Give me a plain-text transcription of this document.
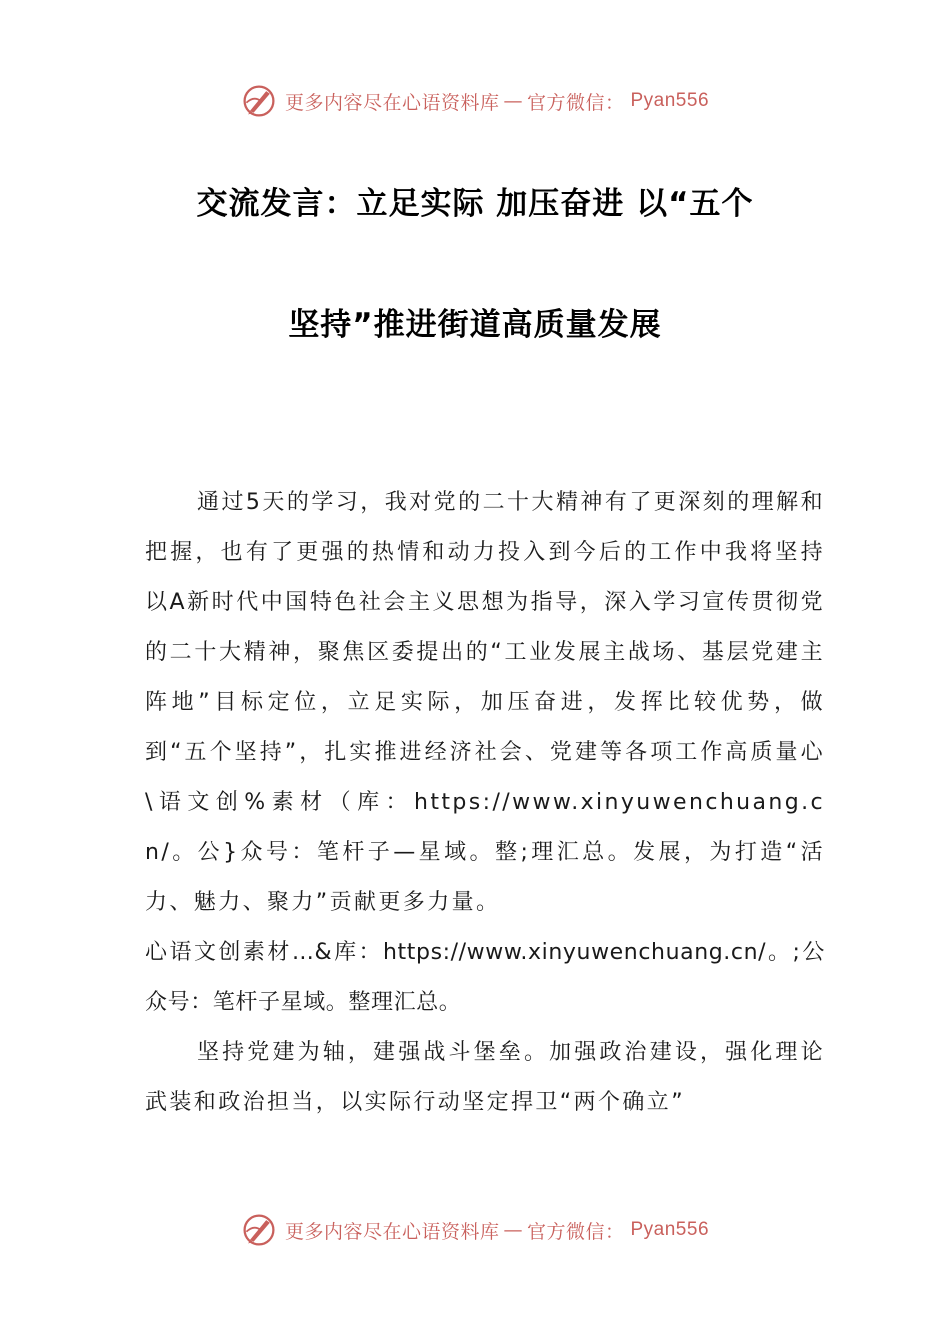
更多内容尽在心语资料库 — 官方微信： Pyan556
交流发言：立足实际 加压奋进 以“五个
坚持”推进街道高质量发展

通过5天的学习，我对党的二十大精神有了更深刻的理解和把握，也有了更强的热情和动力投入到今后的工作中我将坚持以A新时代中国特色社会主义思想为指导，深入学习宣传贯彻党的二十大精神，聚焦区委提出的“工业发展主战场、基层党建主阵地”目标定位，立足实际，加压奋进，发挥比较优势，做到“五个坚持”，扎实推进经济社会、党建等各项工作高质量心\语文创%素材（库：https://www.xinyuwenchuang.cn/。公}众号：笔杆子—星域。整;理汇总。发展，为打造“活力、魅力、聚力”贡献更多力量。

心语文创素材…&库：https://www.xinyuwenchuang.cn/。;公众号：笔杆子星域。整理汇总。

坚持党建为轴，建强战斗堡垒。加强政治建设，强化理论武装和政治担当，以实际行动坚定捍卫“两个确立”

更多内容尽在心语资料库 — 官方微信： Pyan556
